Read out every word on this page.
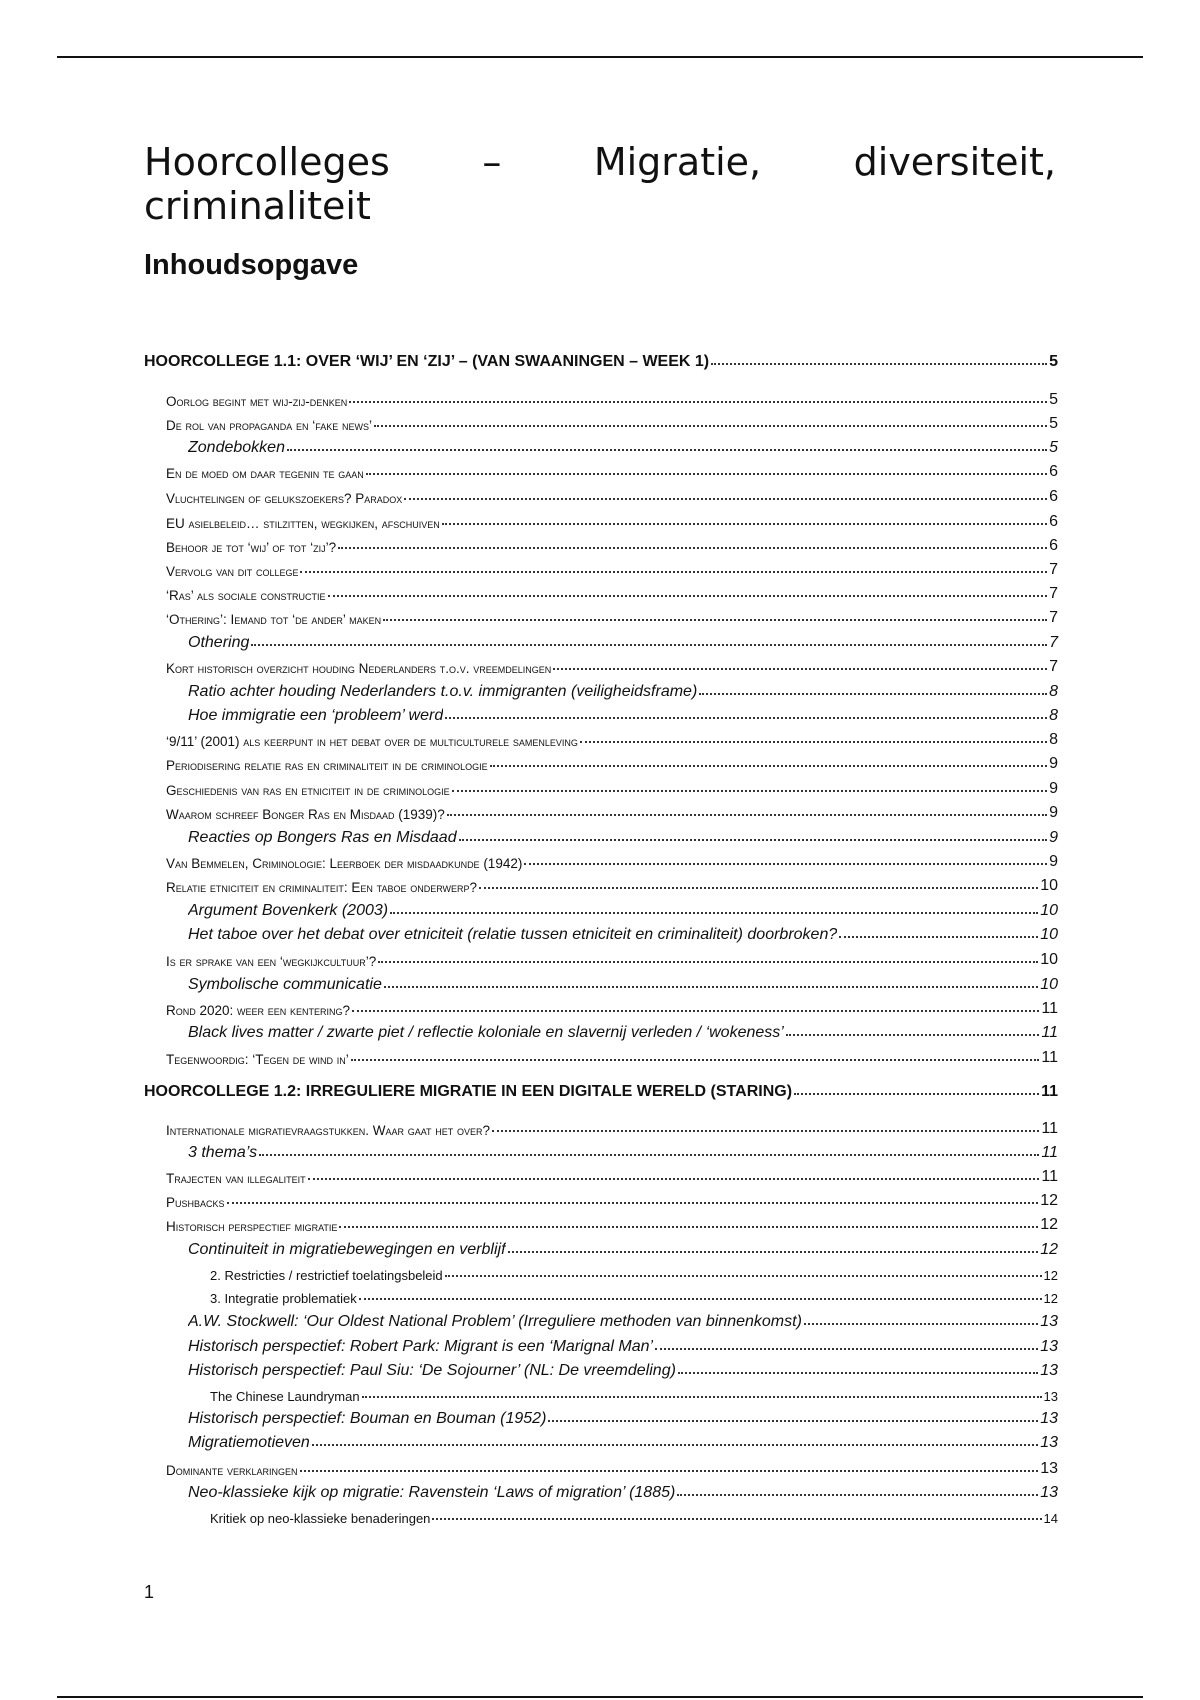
Hoorcolleges – Migratie, diversiteit,
criminaliteit
Inhoudsopgave
HOORCOLLEGE 1.1: OVER ‘WIJ’ EN ‘ZIJ’ – (VAN SWAANINGEN – WEEK 1)	5
Oorlog begint met wij-zij-denken	5
De rol van propaganda en ‘fake news’	5
Zondebokken	5
En de moed om daar tegenin te gaan	6
Vluchtelingen of gelukszoekers? Paradox	6
EU asielbeleid… stilzitten, wegkijken, afschuiven	6
Behoor je tot ‘wij’ of tot ‘zij’?	6
Vervolg van dit college	7
‘Ras’ als sociale constructie	7
‘Othering’: Iemand tot ‘de ander’ maken	7
Othering	7
Kort historisch overzicht houding Nederlanders t.o.v. vreemdelingen	7
Ratio achter houding Nederlanders t.o.v. immigranten (veiligheidsframe)	8
Hoe immigratie een ‘probleem’ werd	8
‘9/11’ (2001) als keerpunt in het debat over de multiculturele samenleving	8
Periodisering relatie ras en criminaliteit in de criminologie	9
Geschiedenis van ras en etniciteit in de criminologie	9
Waarom schreef Bonger Ras en Misdaad (1939)?	9
Reacties op Bongers Ras en Misdaad	9
Van Bemmelen, Criminologie: Leerboek der misdaadkunde (1942)	9
Relatie etniciteit en criminaliteit: Een taboe onderwerp?	10
Argument Bovenkerk (2003)	10
Het taboe over het debat over etniciteit (relatie tussen etniciteit en criminaliteit) doorbroken?	10
Is er sprake van een ‘wegkijkcultuur’?	10
Symbolische communicatie	10
Rond 2020: weer een kentering?	11
Black lives matter / zwarte piet / reflectie koloniale en slavernij verleden / ‘wokeness’	11
Tegenwoordig: ‘Tegen de wind in’	11
HOORCOLLEGE 1.2: IRREGULIERE MIGRATIE IN EEN DIGITALE WERELD (STARING)	11
Internationale migratievraagstukken. Waar gaat het over?	11
3 thema’s	11
Trajecten van illegaliteit	11
Pushbacks	12
Historisch perspectief migratie	12
Continuiteit in migratiebewegingen en verblijf	12
2. Restricties / restrictief toelatingsbeleid	12
3. Integratie problematiek	12
A.W. Stockwell: ‘Our Oldest National Problem’ (Irreguliere methoden van binnenkomst)	13
Historisch perspectief: Robert Park: Migrant is een ‘Marignal Man’	13
Historisch perspectief: Paul Siu: ‘De Sojourner’ (NL: De vreemdeling)	13
The Chinese Laundryman	13
Historisch perspectief: Bouman en Bouman (1952)	13
Migratiemotieven	13
Dominante verklaringen	13
Neo-klassieke kijk op migratie: Ravenstein ‘Laws of migration’ (1885)	13
Kritiek op neo-klassieke benaderingen	14
1
